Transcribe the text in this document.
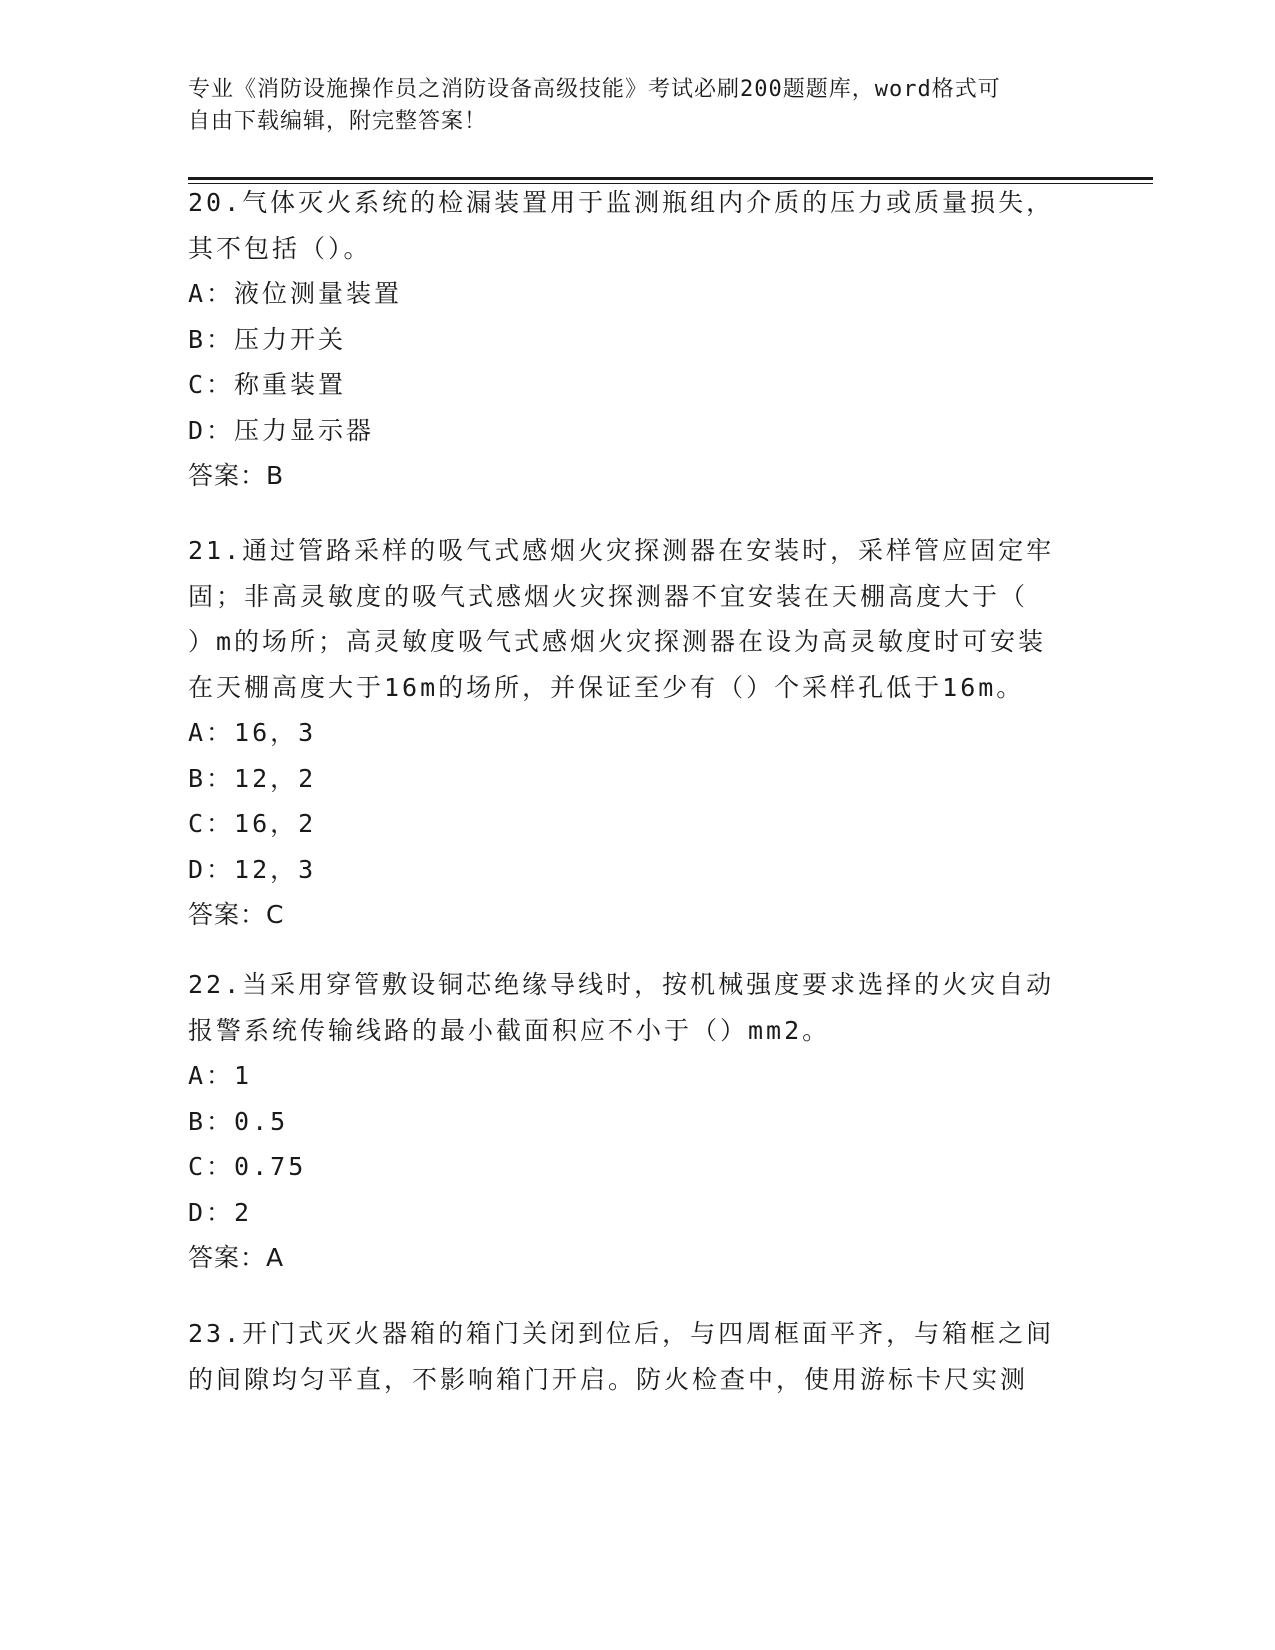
专业《消防设施操作员之消防设备高级技能》考试必刷200题题库，word格式可
自由下载编辑，附完整答案！

20.气体灭火系统的检漏装置用于监测瓶组内介质的压力或质量损失，

其不包括（）。

A：液位测量装置

B：压力开关

C：称重装置

D：压力显示器

答案：B

21.通过管路采样的吸气式感烟火灾探测器在安装时，采样管应固定牢

固；非高灵敏度的吸气式感烟火灾探测器不宜安装在天棚高度大于（

）m的场所；高灵敏度吸气式感烟火灾探测器在设为高灵敏度时可安装

在天棚高度大于16m的场所，并保证至少有（）个采样孔低于16m。

A：16，3

B：12，2

C：16，2

D：12，3

答案：C

22.当采用穿管敷设铜芯绝缘导线时，按机械强度要求选择的火灾自动

报警系统传输线路的最小截面积应不小于（）mm2。

A：1

B：0.5

C：0.75

D：2

答案：A

23.开门式灭火器箱的箱门关闭到位后，与四周框面平齐，与箱框之间

的间隙均匀平直，不影响箱门开启。防火检查中，使用游标卡尺实测
